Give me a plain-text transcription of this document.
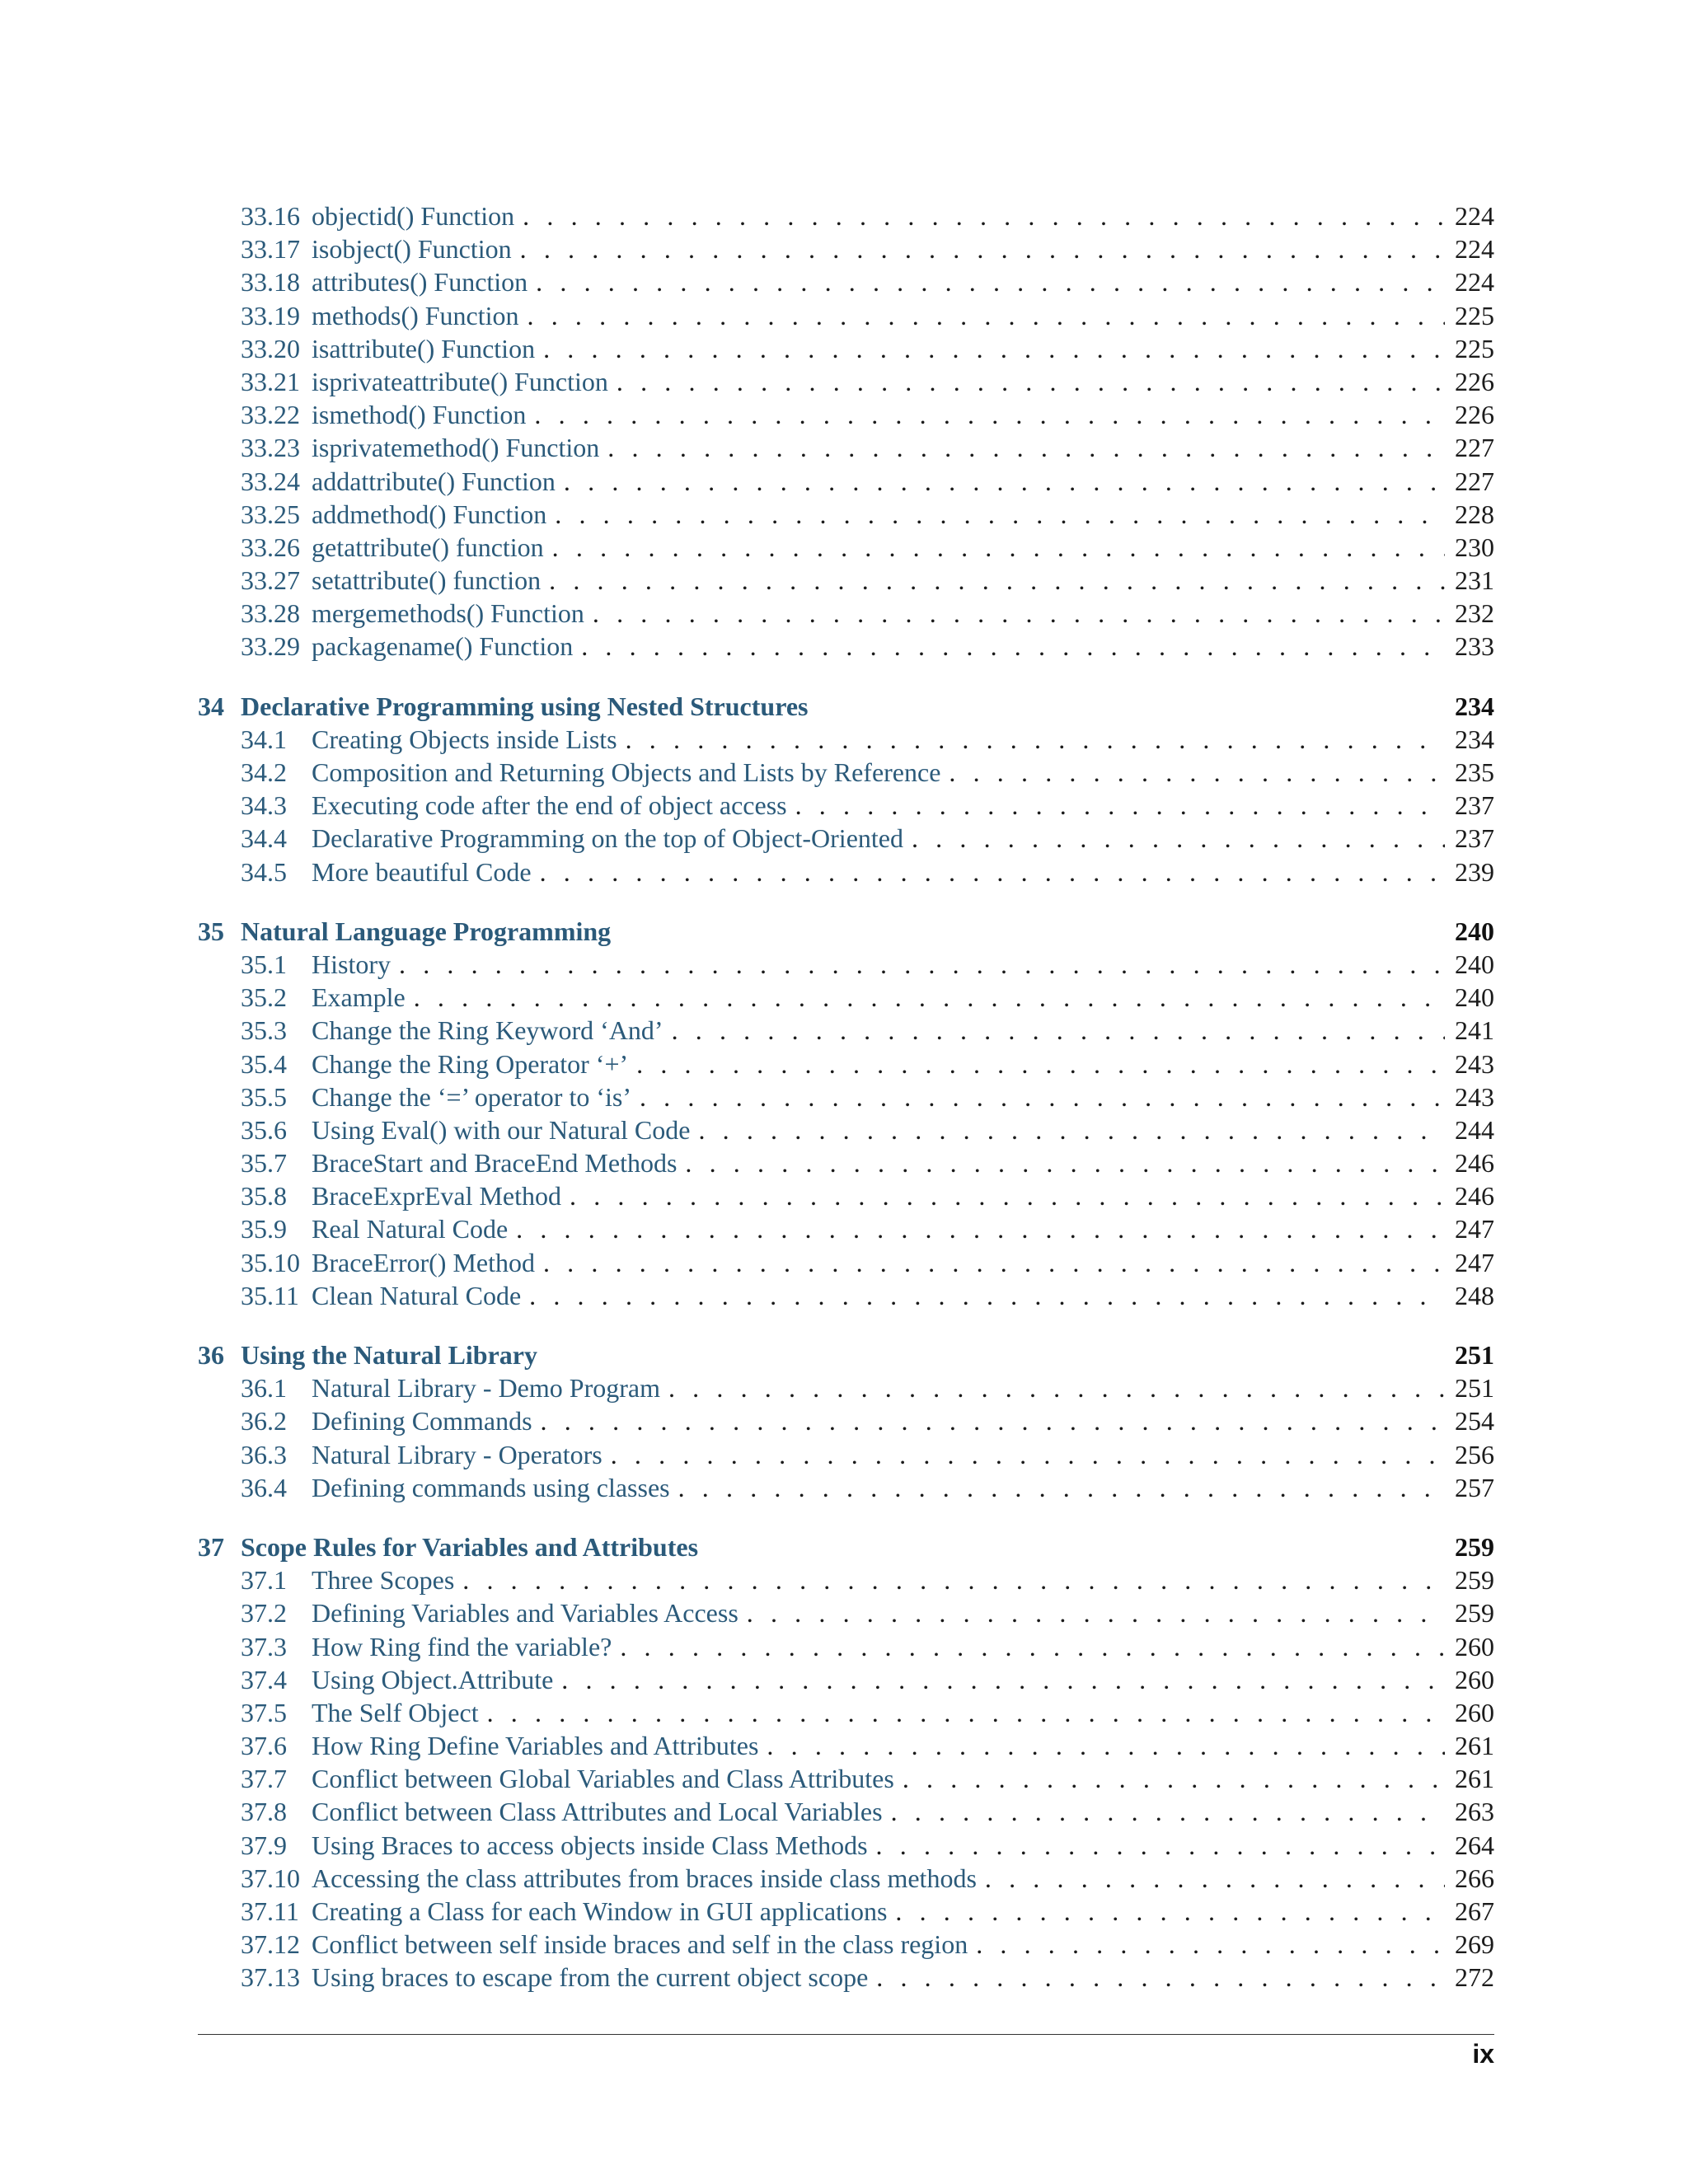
33.16 objectid() Function . . .	224
33.17 isobject() Function . . .	224
33.18 attributes() Function . . .	224
33.19 methods() Function . . .	225
33.20 isattribute() Function . . .	225
33.21 isprivateattribute() Function . . .	226
33.22 ismethod() Function . . .	226
33.23 isprivatemethod() Function . . .	227
33.24 addattribute() Function . . .	227
33.25 addmethod() Function . . .	228
33.26 getattribute() function . . .	230
33.27 setattribute() function . . .	231
33.28 mergemethods() Function . . .	232
33.29 packagename() Function . . .	233
34 Declarative Programming using Nested Structures	234
34.1 Creating Objects inside Lists . . .	234
34.2 Composition and Returning Objects and Lists by Reference . . .	235
34.3 Executing code after the end of object access . . .	237
34.4 Declarative Programming on the top of Object-Oriented . . .	237
34.5 More beautiful Code . . .	239
35 Natural Language Programming	240
35.1 History . . .	240
35.2 Example . . .	240
35.3 Change the Ring Keyword ‘And’ . . .	241
35.4 Change the Ring Operator ‘+’ . . .	243
35.5 Change the ‘=’ operator to ‘is’ . . .	243
35.6 Using Eval() with our Natural Code . . .	244
35.7 BraceStart and BraceEnd Methods . . .	246
35.8 BraceExprEval Method . . .	246
35.9 Real Natural Code . . .	247
35.10 BraceError() Method . . .	247
35.11 Clean Natural Code . . .	248
36 Using the Natural Library	251
36.1 Natural Library - Demo Program . . .	251
36.2 Defining Commands . . .	254
36.3 Natural Library - Operators . . .	256
36.4 Defining commands using classes . . .	257
37 Scope Rules for Variables and Attributes	259
37.1 Three Scopes . . .	259
37.2 Defining Variables and Variables Access . . .	259
37.3 How Ring find the variable? . . .	260
37.4 Using Object.Attribute . . .	260
37.5 The Self Object . . .	260
37.6 How Ring Define Variables and Attributes . . .	261
37.7 Conflict between Global Variables and Class Attributes . . .	261
37.8 Conflict between Class Attributes and Local Variables . . .	263
37.9 Using Braces to access objects inside Class Methods . . .	264
37.10 Accessing the class attributes from braces inside class methods . . .	266
37.11 Creating a Class for each Window in GUI applications . . .	267
37.12 Conflict between self inside braces and self in the class region . . .	269
37.13 Using braces to escape from the current object scope . . .	272
ix
